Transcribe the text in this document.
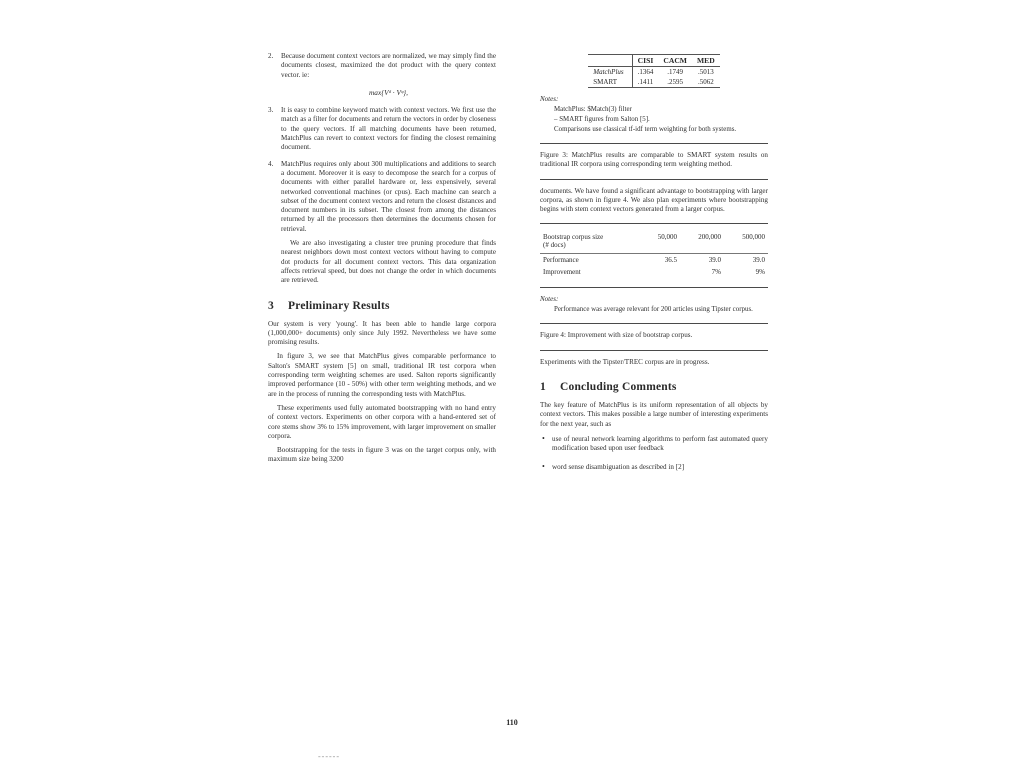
2. Because document context vectors are normalized, we may simply find the documents closest, maximized the dot product with the query context vector. ie:

max{Vᵈ · Vᵠ},
3. It is easy to combine keyword match with context vectors. We first use the match as a filter for documents and return the vectors in order by closeness to the query vectors. If all matching documents have been returned, MatchPlus can revert to context vectors for finding the closest remaining document.

4. MatchPlus requires only about 300 multiplications and additions to search a document. Moreover it is easy to decompose the search for a corpus of documents with either parallel hardware or, less expensively, several networked conventional machines (or cpus). Each machine can search a subset of the document context vectors and return the closest distances and document numbers in its subset. The closest from among the distances returned by all the processors then determines the documents chosen for retrieval.

We are also investigating a cluster tree pruning procedure that finds nearest neighbors down most context vectors without having to compute dot products for all document context vectors. This data organization affects retrieval speed, but does not change the order in which documents are retrieved.

3 Preliminary Results

Our system is very 'young'. It has been able to handle large corpora (1,000,000+ documents) only since July 1992. Nevertheless we have some promising results.

In figure 3, we see that MatchPlus gives comparable performance to Salton's SMART system [5] on small, traditional IR test corpora when corresponding term weighting schemes are used. Salton reports significantly improved performance (10 - 50%) with other term weighting methods, and we are in the process of running the corresponding tests with MatchPlus.

These experiments used fully automated bootstrapping with no hand entry of context vectors. Experiments on other corpora with a hand-entered set of core stems show 3% to 15% improvement, with larger improvement on smaller corpora.

Bootstrapping for the tests in figure 3 was on the target corpus only, with maximum size being 3200

	CISI	CACM	MED
MatchPlus	.1364	.1749	.5013
SMART	.1411	.2595	.5062
Notes:

MatchPlus: $Match(3) filter

– SMART figures from Salton [5].

Comparisons use classical tf-idf term weighting for both systems.

Figure 3: MatchPlus results are comparable to SMART system results on traditional IR corpora using corresponding term weighting method.

documents. We have found a significant advantage to bootstrapping with larger corpora, as shown in figure 4. We also plan experiments where bootstrapping begins with stem context vectors generated from a larger corpus.

Bootstrap corpus size	50,000	200,000	500,000
(# docs)			
Performance	36.5	39.0	39.0
Improvement		7%	9%
Notes:

Performance was average relevant for 200 articles using Tipster corpus.

Figure 4: Improvement with size of bootstrap corpus.

Experiments with the Tipster/TREC corpus are in progress.

1 Concluding Comments

The key feature of MatchPlus is its uniform representation of all objects by context vectors. This makes possible a large number of interesting experiments for the next year, such as

• use of neural network learning algorithms to perform fast automated query modification based upon user feedback
• word sense disambiguation as described in [2]
110
------
